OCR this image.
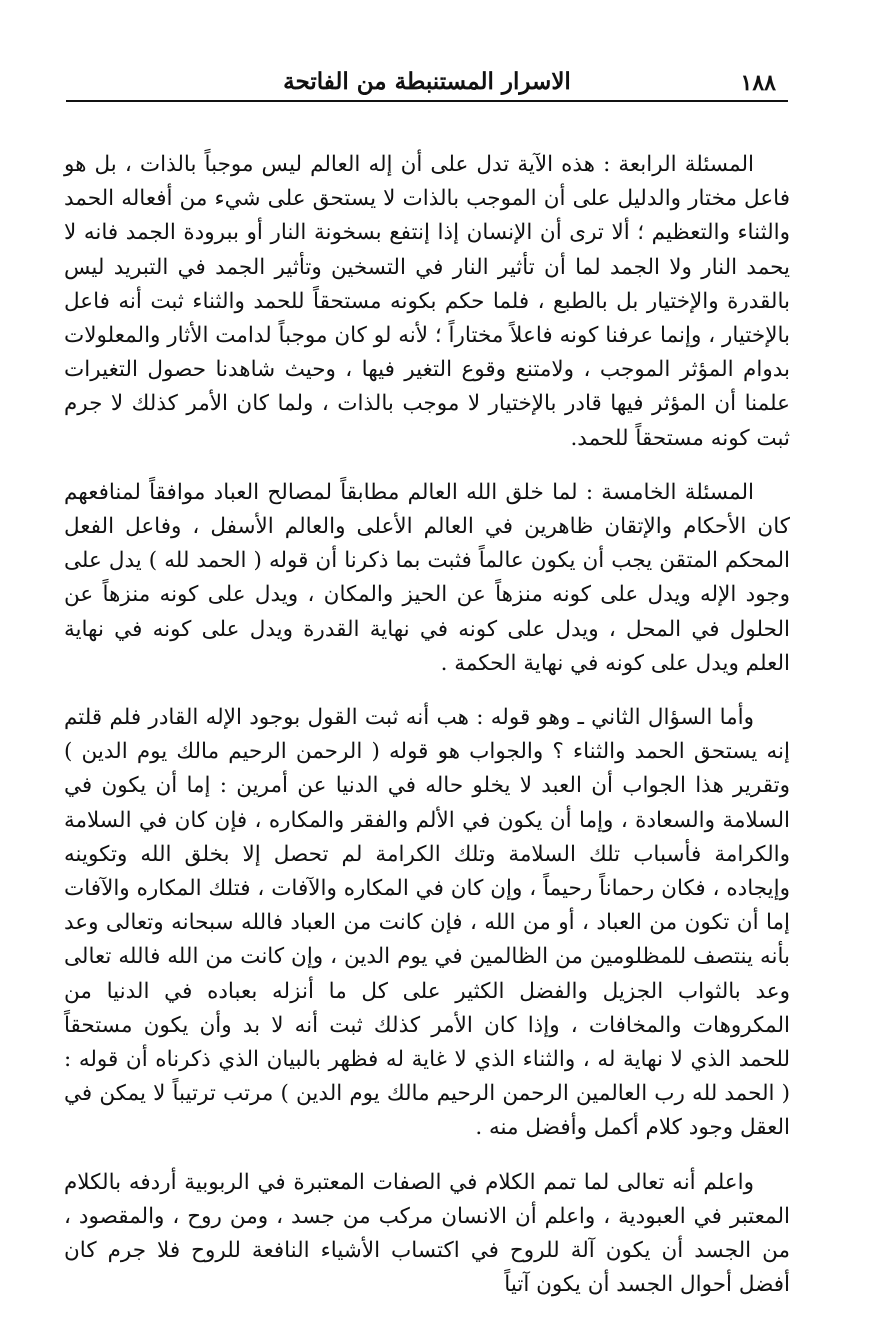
الاسرار المستنبطة من الفاتحة	١٨٨

المسئلة الرابعة : هذه الآية تدل على أن إله العالم ليس موجباً بالذات ، بل هو فاعل مختار والدليل على أن الموجب بالذات لا يستحق على شيء من أفعاله الحمد والثناء والتعظيم ؛ ألا ترى أن الإنسان إذا إنتفع بسخونة النار أو ببرودة الجمد فانه لا يحمد النار ولا الجمد لما أن تأثير النار في التسخين وتأثير الجمد في التبريد ليس بالقدرة والإختيار بل بالطبع ، فلما حكم بكونه مستحقاً للحمد والثناء ثبت أنه فاعل بالإختيار ، وإنما عرفنا كونه فاعلاً مختاراً ؛ لأنه لو كان موجباً لدامت الأثار والمعلولات بدوام المؤثر الموجب ، ولامتنع وقوع التغير فيها ، وحيث شاهدنا حصول التغيرات علمنا أن المؤثر فيها قادر بالإختيار لا موجب بالذات ، ولما كان الأمر كذلك لا جرم ثبت كونه مستحقاً للحمد.

المسئلة الخامسة : لما خلق الله العالم مطابقاً لمصالح العباد موافقاً لمنافعهم كان الأحكام والإتقان ظاهرين في العالم الأعلى والعالم الأسفل ، وفاعل الفعل المحكم المتقن يجب أن يكون عالماً فثبت بما ذكرنا أن قوله ( الحمد لله ) يدل على وجود الإله ويدل على كونه منزهاً عن الحيز والمكان ، ويدل على كونه منزهاً عن الحلول في المحل ، ويدل على كونه في نهاية القدرة ويدل على كونه في نهاية العلم ويدل على كونه في نهاية الحكمة .

وأما السؤال الثاني ـ وهو قوله : هب أنه ثبت القول بوجود الإله القادر فلم قلتم إنه يستحق الحمد والثناء ؟ والجواب هو قوله ( الرحمن الرحيم مالك يوم الدين ) وتقرير هذا الجواب أن العبد لا يخلو حاله في الدنيا عن أمرين : إما أن يكون في السلامة والسعادة ، وإما أن يكون في الألم والفقر والمكاره ، فإن كان في السلامة والكرامة فأسباب تلك السلامة وتلك الكرامة لم تحصل إلا بخلق الله وتكوينه وإيجاده ، فكان رحماناً رحيماً ، وإن كان في المكاره والآفات ، فتلك المكاره والآفات إما أن تكون من العباد ، أو من الله ، فإن كانت من العباد فالله سبحانه وتعالى وعد بأنه ينتصف للمظلومين من الظالمين في يوم الدين ، وإن كانت من الله فالله تعالى وعد بالثواب الجزيل والفضل الكثير على كل ما أنزله بعباده في الدنيا من المكروهات والمخافات ، وإذا كان الأمر كذلك ثبت أنه لا بد وأن يكون مستحقاً للحمد الذي لا نهاية له ، والثناء الذي لا غاية له فظهر بالبيان الذي ذكرناه أن قوله : ( الحمد لله رب العالمين الرحمن الرحيم مالك يوم الدين ) مرتب ترتيباً لا يمكن في العقل وجود كلام أكمل وأفضل منه .

واعلم أنه تعالى لما تمم الكلام في الصفات المعتبرة في الربوبية أردفه بالكلام المعتبر في العبودية ، واعلم أن الانسان مركب من جسد ، ومن روح ، والمقصود ، من الجسد أن يكون آلة للروح في اكتساب الأشياء النافعة للروح فلا جرم كان أفضل أحوال الجسد أن يكون آتياً
